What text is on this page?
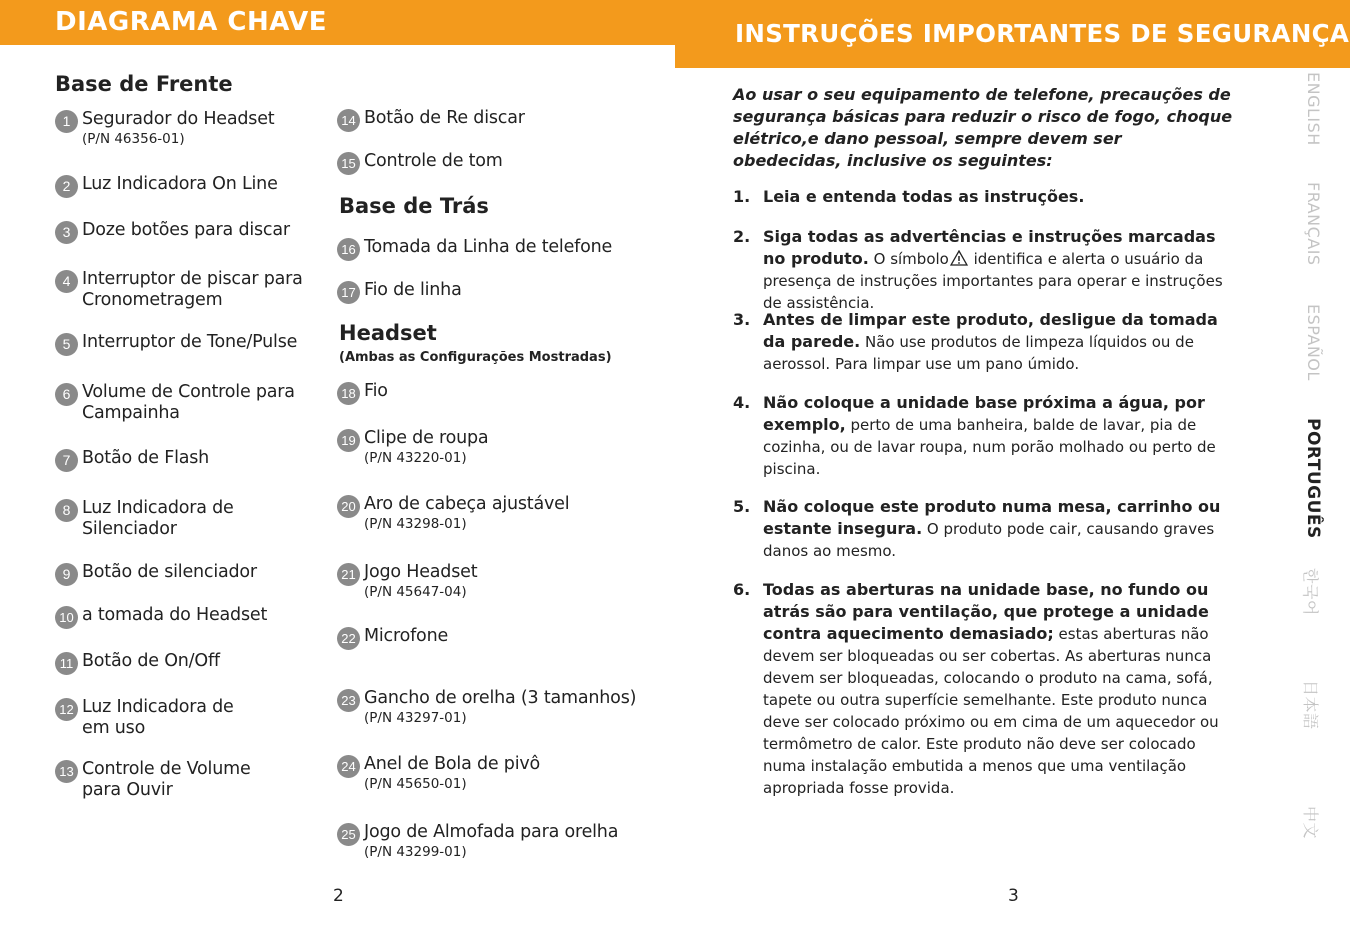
DIAGRAMA CHAVE
Base de Frente
Base de Trás
Headset
(Ambas as Configurações Mostradas)
1 Segurador do Headset
(P/N 46356-01)
2 Luz Indicadora On Line
3 Doze botões para discar
4 Interruptor de piscar para
Cronometragem
5 Interruptor de Tone/Pulse
6 Volume de Controle para
Campainha
7 Botão de Flash
8 Luz Indicadora de
Silenciador
9 Botão de silenciador
10 a tomada do Headset
11 Botão de On/Off
12 Luz Indicadora de
em uso
13 Controle de Volume
para Ouvir
14 Botão de Re discar
15 Controle de tom
16 Tomada da Linha de telefone
17 Fio de linha
18 Fio
19 Clipe de roupa
(P/N 43220-01)
20 Aro de cabeça ajustável
(P/N 43298-01)
21 Jogo Headset
(P/N 45647-04)
22 Microfone
23 Gancho de orelha (3 tamanhos)
(P/N 43297-01)
24 Anel de Bola de pivô
(P/N 45650-01)
25 Jogo de Almofada para orelha
(P/N 43299-01)
2
INSTRUÇÕES IMPORTANTES DE SEGURANÇA
Ao usar o seu equipamento de telefone, precauções de segurança básicas para reduzir o risco de fogo, choque elétrico,e dano pessoal, sempre devem ser obedecidas, inclusive os seguintes:
1. Leia e entenda todas as instruções.
2. Siga todas as advertências e instruções marcadas no produto. O símbolo identifica e alerta o usuário da presença de instruções importantes para operar e instruções de assistência.
3. Antes de limpar este produto, desligue da tomada da parede. Não use produtos de limpeza líquidos ou de aerossol. Para limpar use um pano úmido.
4. Não coloque a unidade base próxima a água, por exemplo, perto de uma banheira, balde de lavar, pia de cozinha, ou de lavar roupa, num porão molhado ou perto de piscina.
5. Não coloque este produto numa mesa, carrinho ou estante insegura. O produto pode cair, causando graves danos ao mesmo.
6. Todas as aberturas na unidade base, no fundo ou atrás são para ventilação, que protege a unidade contra aquecimento demasiado; estas aberturas não devem ser bloqueadas ou ser cobertas. As aberturas nunca devem ser bloqueadas, colocando o produto na cama, sofá, tapete ou outra superfície semelhante. Este produto nunca deve ser colocado próximo ou em cima de um aquecedor ou termômetro de calor. Este produto não deve ser colocado numa instalação embutida a menos que uma ventilação apropriada fosse provida.
ENGLISH
FRANÇAIS
ESPAÑOL
PORTUGUÊS
한국어
日本語
中文
3
